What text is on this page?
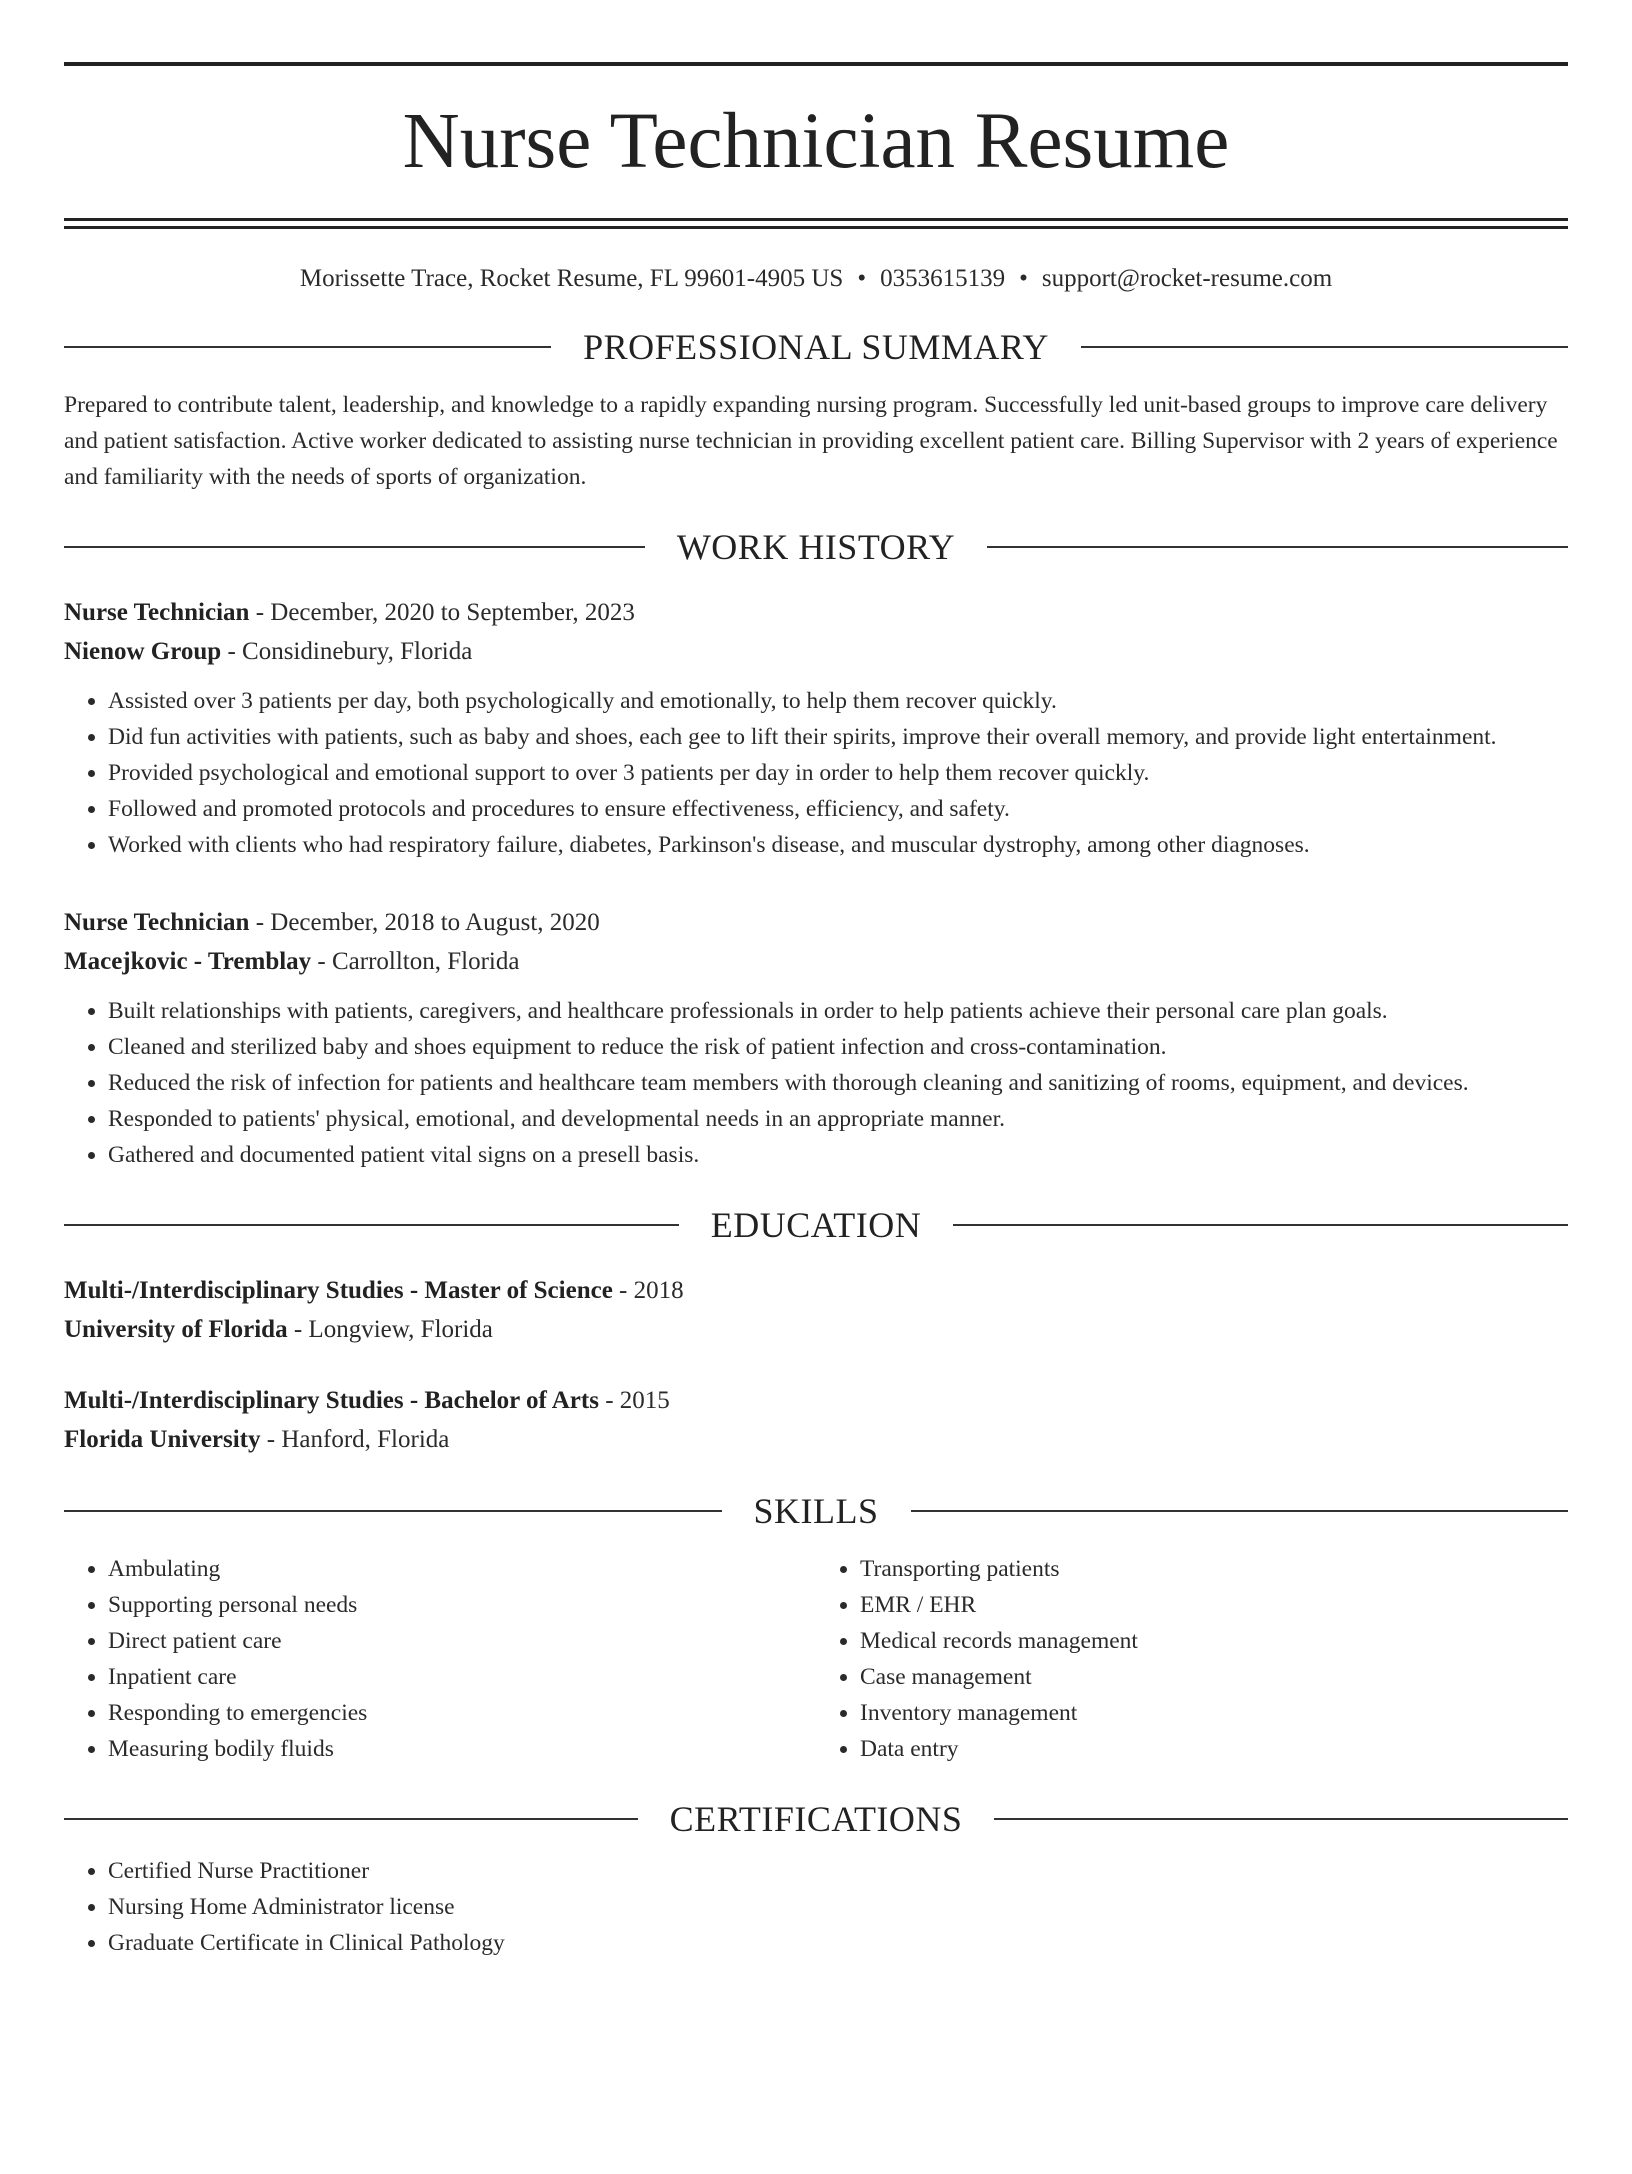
Nurse Technician Resume
Morissette Trace, Rocket Resume, FL 99601-4905 US • 0353615139 • support@rocket-resume.com
PROFESSIONAL SUMMARY
Prepared to contribute talent, leadership, and knowledge to a rapidly expanding nursing program. Successfully led unit-based groups to improve care delivery and patient satisfaction. Active worker dedicated to assisting nurse technician in providing excellent patient care. Billing Supervisor with 2 years of experience and familiarity with the needs of sports of organization.
WORK HISTORY
Nurse Technician - December, 2020 to September, 2023
Nienow Group - Considinebury, Florida
• Assisted over 3 patients per day, both psychologically and emotionally, to help them recover quickly.
• Did fun activities with patients, such as baby and shoes, each gee to lift their spirits, improve their overall memory, and provide light entertainment.
• Provided psychological and emotional support to over 3 patients per day in order to help them recover quickly.
• Followed and promoted protocols and procedures to ensure effectiveness, efficiency, and safety.
• Worked with clients who had respiratory failure, diabetes, Parkinson's disease, and muscular dystrophy, among other diagnoses.
Nurse Technician - December, 2018 to August, 2020
Macejkovic - Tremblay - Carrollton, Florida
• Built relationships with patients, caregivers, and healthcare professionals in order to help patients achieve their personal care plan goals.
• Cleaned and sterilized baby and shoes equipment to reduce the risk of patient infection and cross-contamination.
• Reduced the risk of infection for patients and healthcare team members with thorough cleaning and sanitizing of rooms, equipment, and devices.
• Responded to patients' physical, emotional, and developmental needs in an appropriate manner.
• Gathered and documented patient vital signs on a presell basis.
EDUCATION
Multi-/Interdisciplinary Studies - Master of Science - 2018
University of Florida - Longview, Florida
Multi-/Interdisciplinary Studies - Bachelor of Arts - 2015
Florida University - Hanford, Florida
SKILLS
• Ambulating
• Supporting personal needs
• Direct patient care
• Inpatient care
• Responding to emergencies
• Measuring bodily fluids
• Transporting patients
• EMR / EHR
• Medical records management
• Case management
• Inventory management
• Data entry
CERTIFICATIONS
• Certified Nurse Practitioner
• Nursing Home Administrator license
• Graduate Certificate in Clinical Pathology
